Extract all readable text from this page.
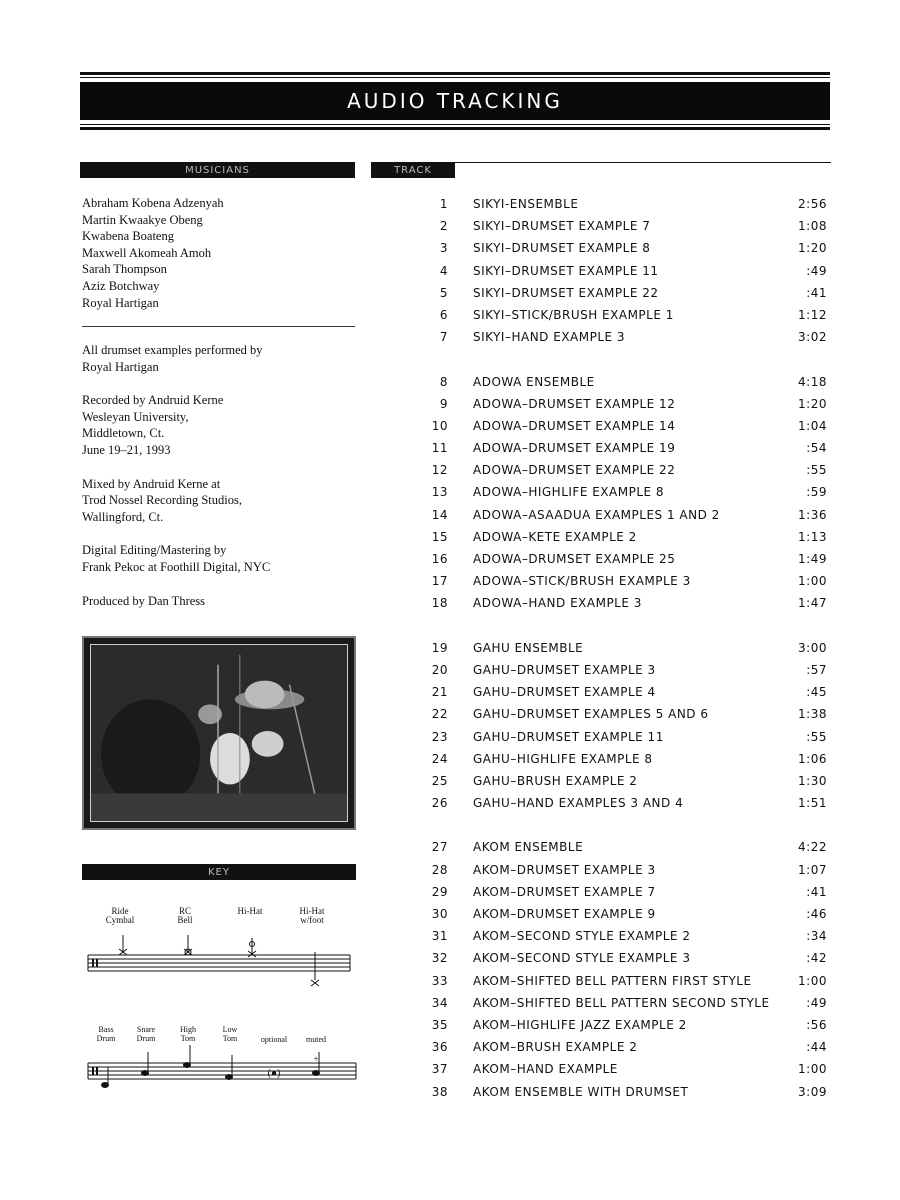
AUDIO TRACKING
MUSICIANS	TRACK
Abraham Kobena Adzenyah
Martin Kwaakye Obeng
Kwabena Boateng
Maxwell Akomeah Amoh
Sarah Thompson
Aziz Botchway
Royal Hartigan

All drumset examples performed by
Royal Hartigan

Recorded by Andruid Kerne
Wesleyan University,
Middletown, Ct.
June 19–21, 1993

Mixed by Andruid Kerne at
Trod Nossel Recording Studios,
Wallingford, Ct.

Digital Editing/Mastering by
Frank Pekoc at Foothill Digital, NYC

Produced by Dan Thress

KEY
Ride Cymbal
RC Bell
Hi-Hat	Hi-Hat w/foot
Bass Drum
Snare Drum
High Tom
Low Tom	optional muted
(●)
+
1 SIKYI-ENSEMBLE	2:56
2 SIKYI–DRUMSET EXAMPLE 7	1:08
3 SIKYI–DRUMSET EXAMPLE 8	1:20
4 SIKYI–DRUMSET EXAMPLE 11	:49
5 SIKYI–DRUMSET EXAMPLE 22	:41
6 SIKYI–STICK/BRUSH EXAMPLE 1	1:12
7 SIKYI–HAND EXAMPLE 3	3:02
8 ADOWA ENSEMBLE	4:18
9 ADOWA–DRUMSET EXAMPLE 12	1:20
10 ADOWA–DRUMSET EXAMPLE 14	1:04
11 ADOWA–DRUMSET EXAMPLE 19	:54
12 ADOWA–DRUMSET EXAMPLE 22	:55
13 ADOWA–HIGHLIFE EXAMPLE 8	:59
14 ADOWA–ASAADUA EXAMPLES 1 AND 2	1:36
15 ADOWA–KETE EXAMPLE 2	1:13
16 ADOWA–DRUMSET EXAMPLE 25	1:49
17 ADOWA–STICK/BRUSH EXAMPLE 3	1:00
18 ADOWA–HAND EXAMPLE 3	1:47
19 GAHU ENSEMBLE	3:00
20 GAHU–DRUMSET EXAMPLE 3	:57
21 GAHU–DRUMSET EXAMPLE 4	:45
22 GAHU–DRUMSET EXAMPLES 5 AND 6	1:38
23 GAHU–DRUMSET EXAMPLE 11	:55
24 GAHU–HIGHLIFE EXAMPLE 8	1:06
25 GAHU–BRUSH EXAMPLE 2	1:30
26 GAHU–HAND EXAMPLES 3 AND 4	1:51
27 AKOM ENSEMBLE	4:22
28 AKOM–DRUMSET EXAMPLE 3	1:07
29 AKOM–DRUMSET EXAMPLE 7	:41
30 AKOM–DRUMSET EXAMPLE 9	:46
31 AKOM–SECOND STYLE EXAMPLE 2	:34
32 AKOM–SECOND STYLE EXAMPLE 3	:42
33 AKOM–SHIFTED BELL PATTERN FIRST STYLE	1:00
34 AKOM–SHIFTED BELL PATTERN SECOND STYLE	:49
35 AKOM–HIGHLIFE JAZZ EXAMPLE 2	:56
36 AKOM–BRUSH EXAMPLE 2	:44
37 AKOM–HAND EXAMPLE	1:00
38 AKOM ENSEMBLE WITH DRUMSET	3:09
